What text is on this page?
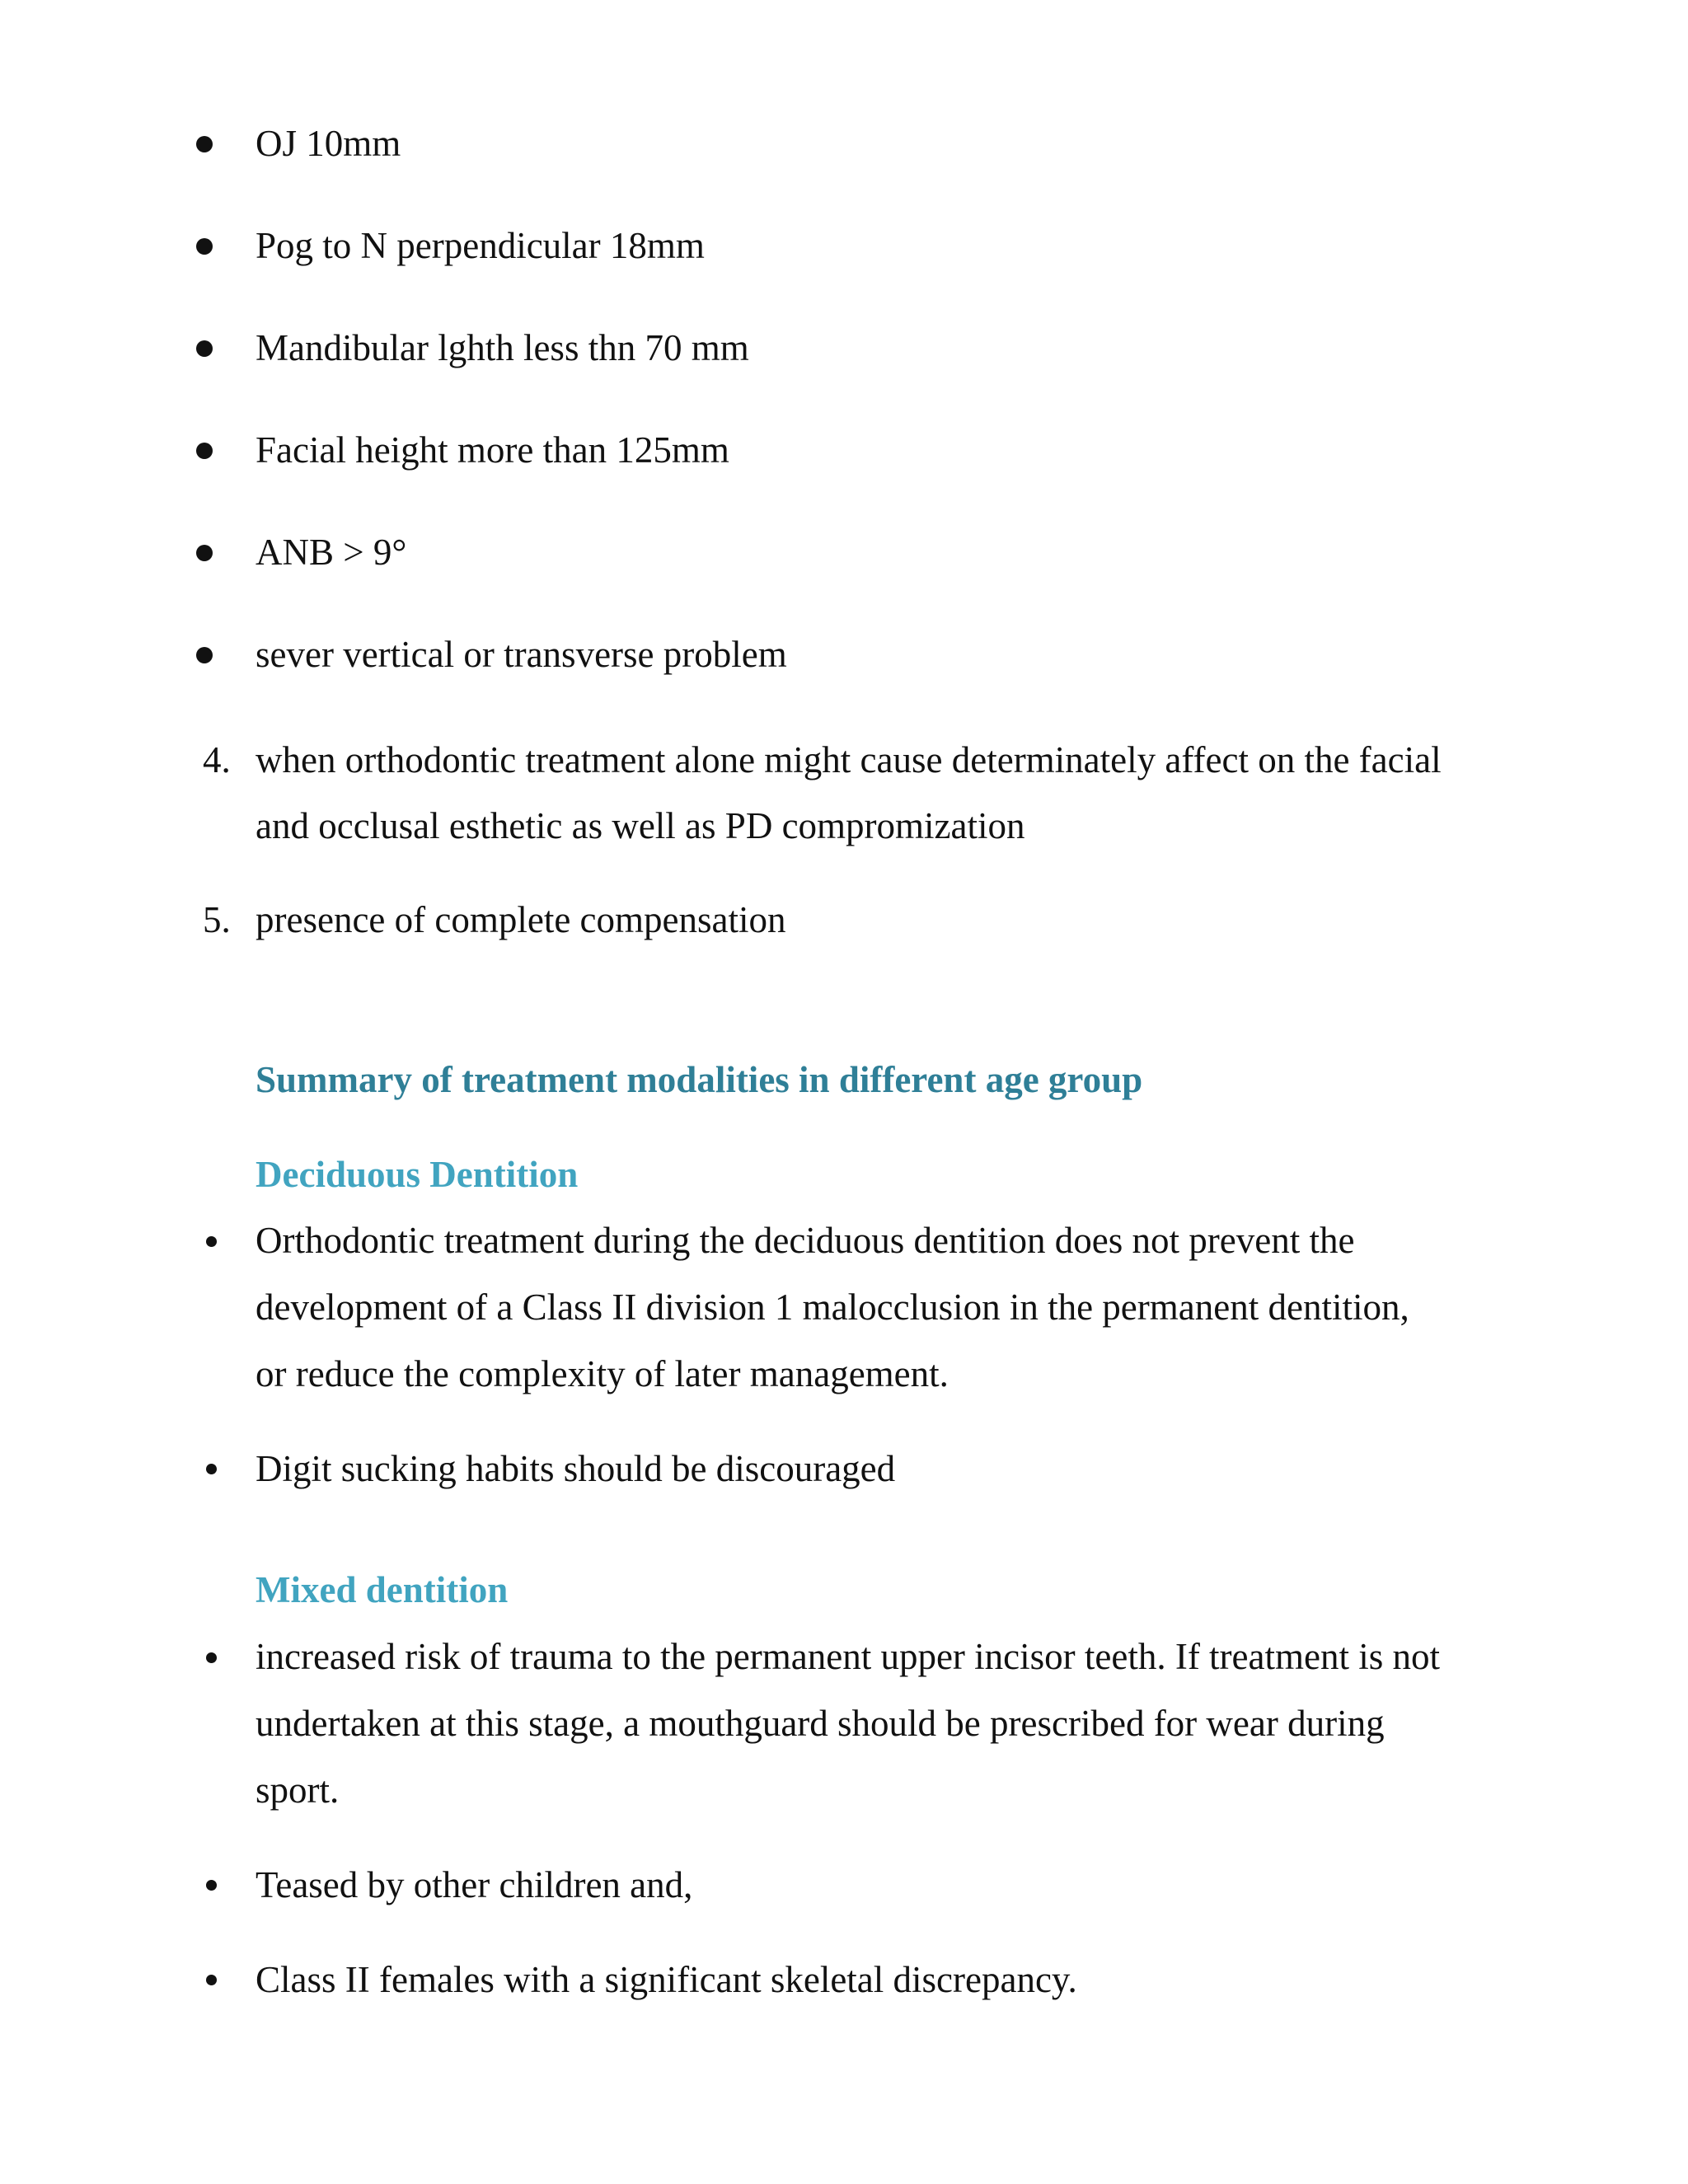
OJ 10mm
Pog to N perpendicular 18mm
Mandibular lghth less thn 70 mm
Facial height more than 125mm
ANB > 9°
sever vertical or transverse problem
4. when orthodontic treatment alone might cause determinately affect on the facial
and occlusal esthetic as well as PD compromization
5. presence of complete compensation
Summary of treatment modalities in different age group
Deciduous Dentition
Orthodontic treatment during the deciduous dentition does not prevent the
development of a Class II division 1 malocclusion in the permanent dentition,
or reduce the complexity of later management.
Digit sucking habits should be discouraged
Mixed dentition
increased risk of trauma to the permanent upper incisor teeth. If treatment is not
undertaken at this stage, a mouthguard should be prescribed for wear during
sport.
Teased by other children and,
Class II females with a significant skeletal discrepancy.
